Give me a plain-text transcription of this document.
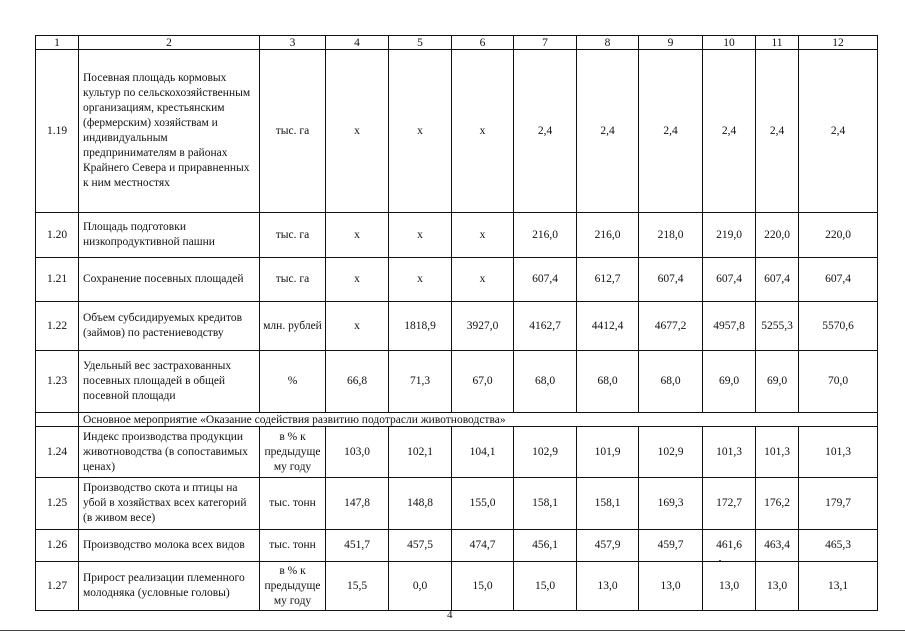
1	2	3	4	5	6	7	8	9	10	11	12
1.19	Посевная площадь кормовых культур по сельскохозяйственным организациям, крестьянским (фермерским) хозяйствам и индивидуальным предпринимателям в районах Крайнего Севера и приравненных к ним местностях	тыс. га	х	х	х	2,4	2,4	2,4	2,4	2,4	2,4
1.20	Площадь подготовки низкопродуктивной пашни	тыс. га	х	х	х	216,0	216,0	218,0	219,0	220,0	220,0
1.21	Сохранение посевных площадей	тыс. га	х	х	х	607,4	612,7	607,4	607,4	607,4	607,4
1.22	Объем субсидируемых кредитов (займов) по растениеводству	млн. рублей	х	1818,9	3927,0	4162,7	4412,4	4677,2	4957,8	5255,3	5570,6
1.23	Удельный вес застрахованных посевных площадей в общей посевной площади	%	66,8	71,3	67,0	68,0	68,0	68,0	69,0	69,0	70,0
	Основное мероприятие «Оказание содействия развитию подотрасли животноводства»										
1.24	Индекс производства продукции животноводства (в сопоставимых ценах)	в % к предыдуще му году	103,0	102,1	104,1	102,9	101,9	102,9	101,3	101,3	101,3
1.25	Производство скота и птицы на убой в хозяйствах всех категорий (в живом весе)	тыс. тонн	147,8	148,8	155,0	158,1	158,1	169,3	172,7	176,2	179,7
1.26	Производство молока всех видов	тыс. тонн	451,7	457,5	474,7	456,1	457,9	459,7	461,6	463,4	465,3
1.27	Прирост реализации племенного молодняка (условные головы)	в % к предыдуще му году	15,5	0,0	15,0	15,0	13,0	13,0	13,0	13,0	13,1
4
